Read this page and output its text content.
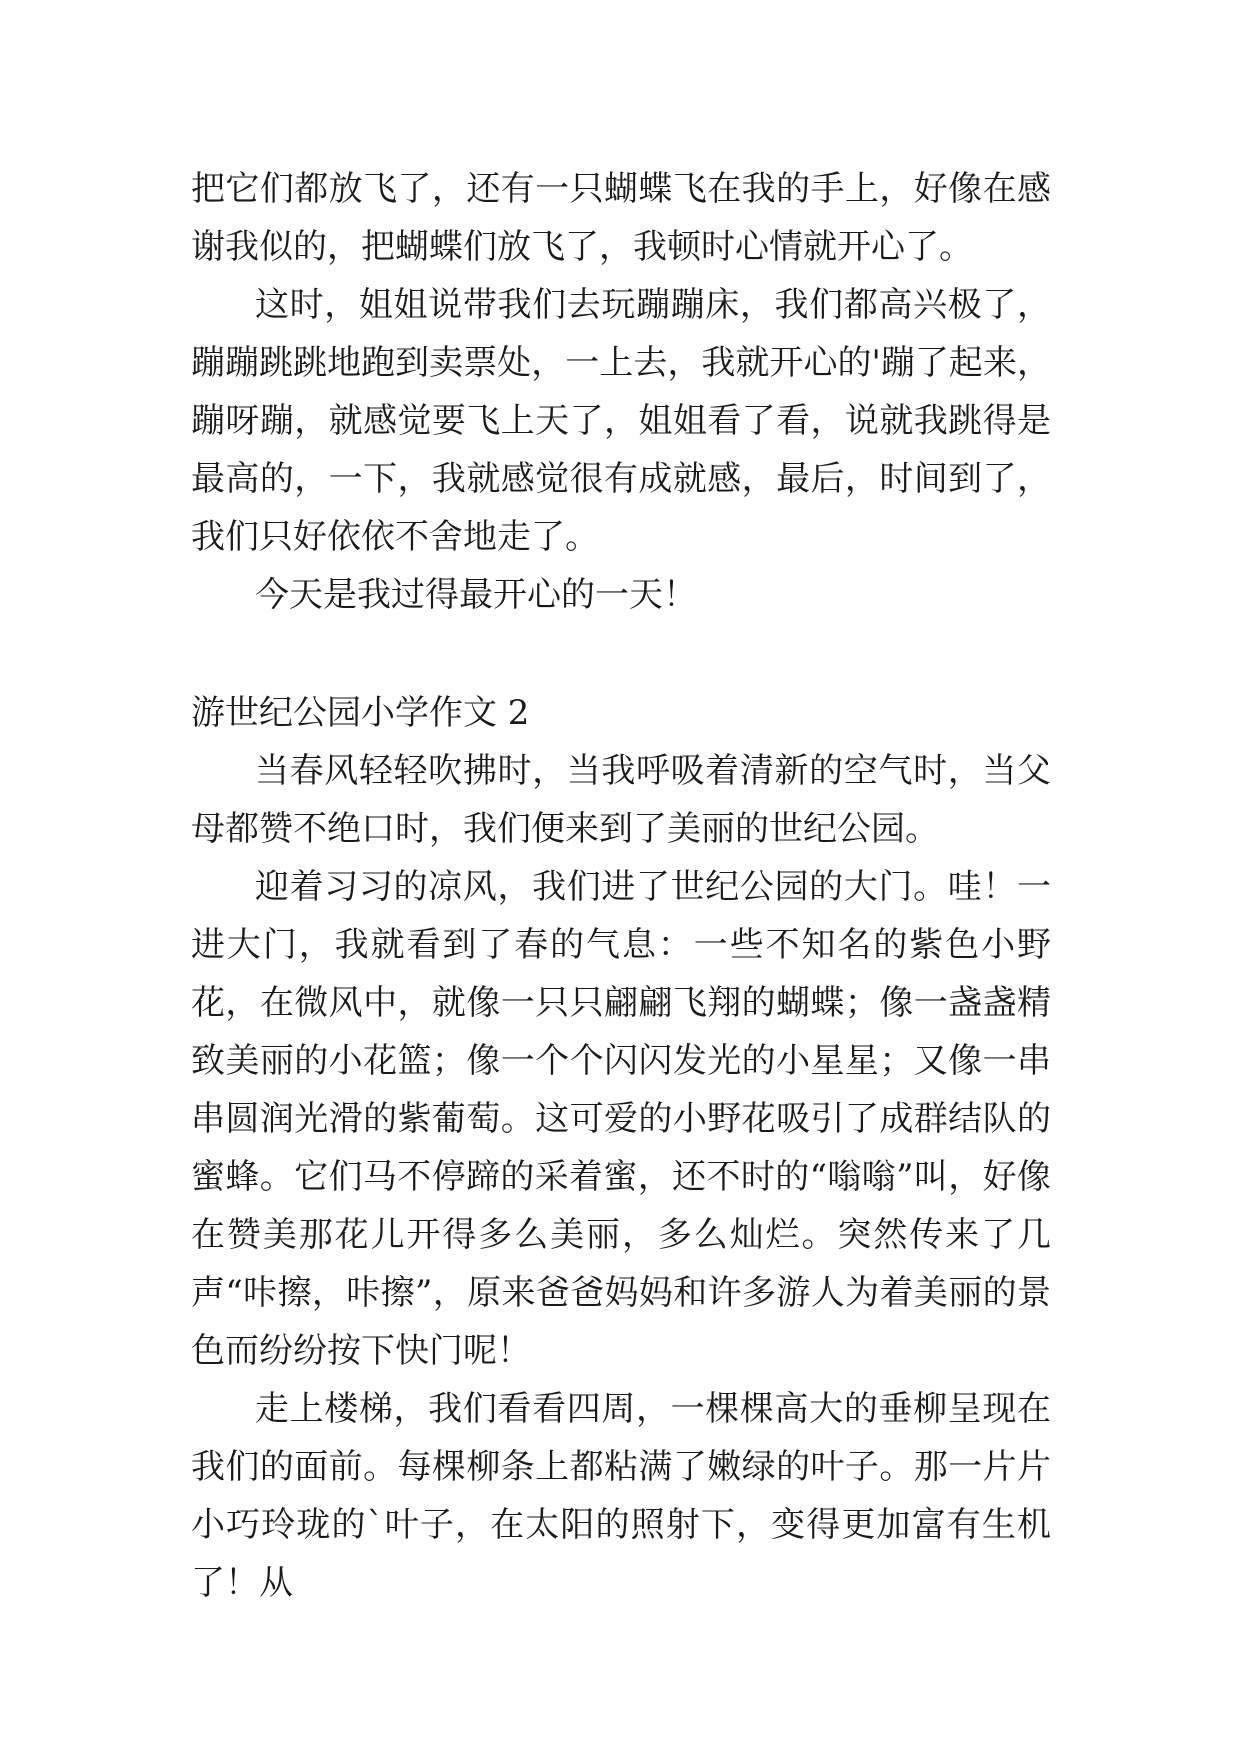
把它们都放飞了，还有一只蝴蝶飞在我的手上，好像在感谢我似的，把蝴蝶们放飞了，我顿时心情就开心了。

这时，姐姐说带我们去玩蹦蹦床，我们都高兴极了，蹦蹦跳跳地跑到卖票处，一上去，我就开心的'蹦了起来，蹦呀蹦，就感觉要飞上天了，姐姐看了看，说就我跳得是最高的，一下，我就感觉很有成就感，最后，时间到了，我们只好依依不舍地走了。

今天是我过得最开心的一天！

游世纪公园小学作文 2

当春风轻轻吹拂时，当我呼吸着清新的空气时，当父母都赞不绝口时，我们便来到了美丽的世纪公园。

迎着习习的凉风，我们进了世纪公园的大门。哇！一进大门，我就看到了春的气息：一些不知名的紫色小野花，在微风中，就像一只只翩翩飞翔的蝴蝶；像一盏盏精致美丽的小花篮；像一个个闪闪发光的小星星；又像一串串圆润光滑的紫葡萄。这可爱的小野花吸引了成群结队的蜜蜂。它们马不停蹄的采着蜜，还不时的“嗡嗡”叫，好像在赞美那花儿开得多么美丽，多么灿烂。突然传来了几声“咔擦，咔擦”，原来爸爸妈妈和许多游人为着美丽的景色而纷纷按下快门呢！

走上楼梯，我们看看四周，一棵棵高大的垂柳呈现在我们的面前。每棵柳条上都粘满了嫩绿的叶子。那一片片小巧玲珑的`叶子，在太阳的照射下，变得更加富有生机了！从
